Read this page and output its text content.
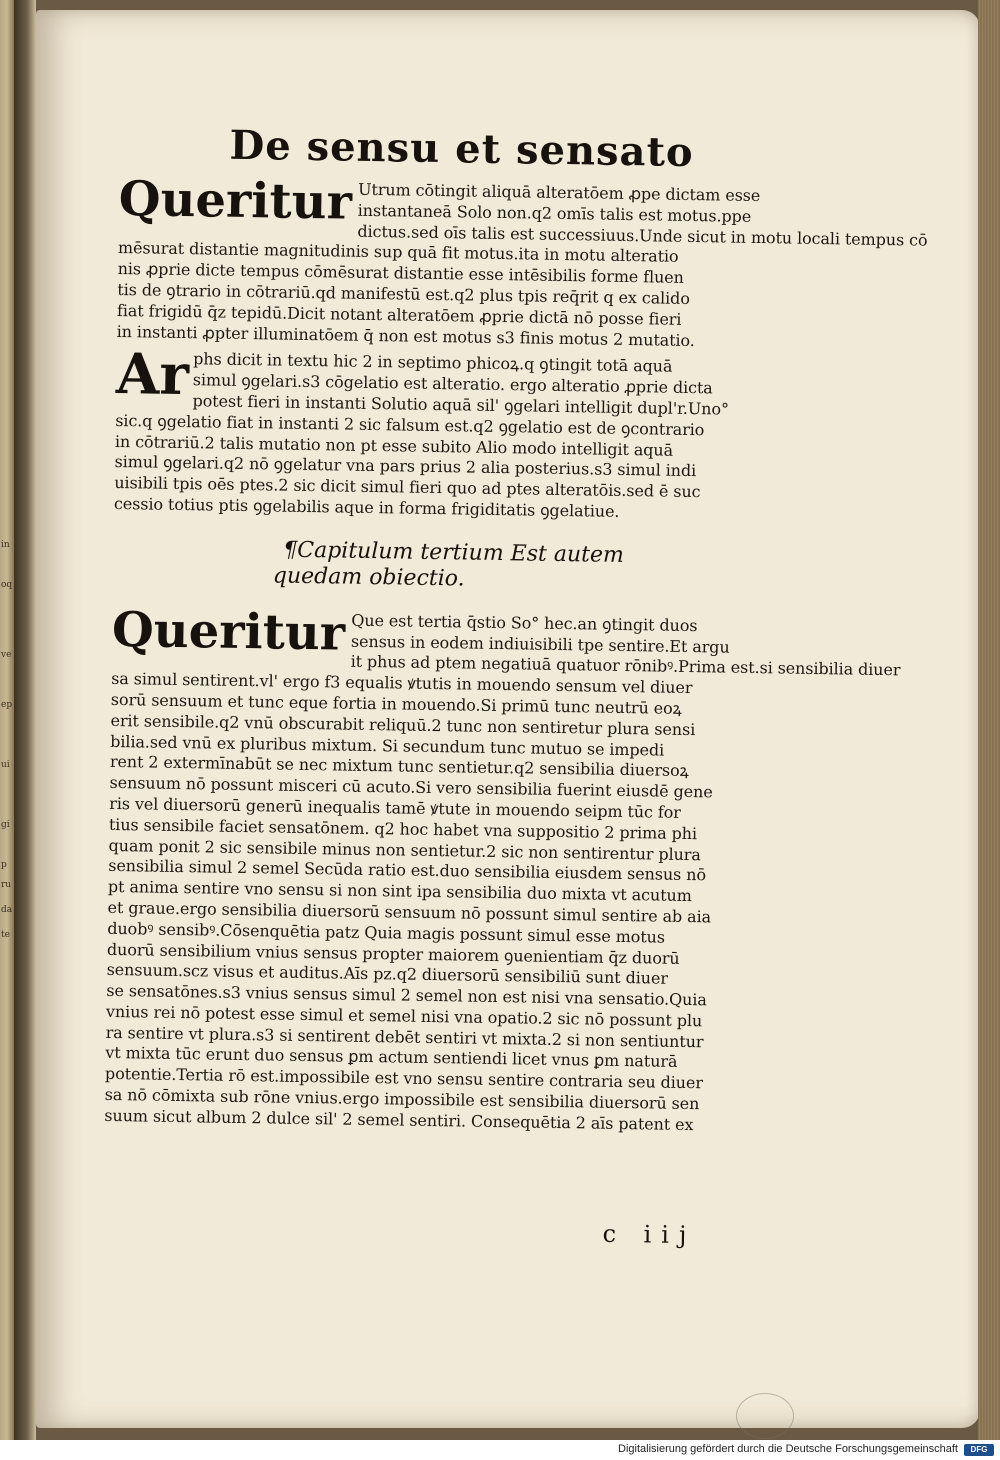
in
oq
ve
ep
ui
gi
p
ru
da
te
De sensu et sensato
Queritur Utrum cōtingit aliquā alteratōem ꝓpe dictam esse
instantaneā Solo non.q2 omīs talis est motus.ppe
dictus.sed oīs talis est successiuus.Unde sicut in motu locali tempus cō
mēsurat distantie magnitudinis sup quā fit motus.ita in motu alteratio
nis ꝓprie dicte tempus cōmēsurat distantie esse intēsibilis forme fluen
tis de ꝯtrario in cōtrariū.qd manifestū est.q2 plus tpis req̄rit q ex calido
fiat frigidū q̄z tepidū.Dicit notant alteratōem ꝓprie dictā nō posse fieri
in instanti ꝓpter illuminatōem q̄ non est motus s3 finis motus 2 mutatio.
Ar phs dicit in textu hic 2 in septimo phicoꝝ.q ꝯtingit totā aquā
simul ꝯgelari.s3 cōgelatio est alteratio. ergo alteratio ꝓprie dicta
potest fieri in instanti Solutio aquā sil' ꝯgelari intelligit dupl'r.Uno°
sic.q ꝯgelatio fiat in instanti 2 sic falsum est.q2 ꝯgelatio est de ꝯcontrario
in cōtrariū.2 talis mutatio non pt esse subito Alio modo intelligit aquā
simul ꝯgelari.q2 nō ꝯgelatur vna pars prius 2 alia posterius.s3 simul indi
uisibili tpis oēs ptes.2 sic dicit simul fieri quo ad ptes alteratōis.sed ē suc
cessio totius ptis ꝯgelabilis aque in forma frigiditatis ꝯgelatiue.
¶Capitulum tertium Est autem
quedam obiectio.
Queritur Que est tertia q̄stio So° hec.an ꝯtingit duos
sensus in eodem indiuisibili tpe sentire.Et argu
it phus ad ptem negatiuā quatuor rōnibꝰ.Prima est.si sensibilia diuer
sa simul sentirent.vl' ergo f3 equalis ꝟtutis in mouendo sensum vel diuer
sorū sensuum et tunc eque fortia in mouendo.Si primū tunc neutrū eoꝝ
erit sensibile.q2 vnū obscurabit reliquū.2 tunc non sentiretur plura sensi
bilia.sed vnū ex pluribus mixtum. Si secundum tunc mutuo se impedi
rent 2 extermīnabūt se nec mixtum tunc sentietur.q2 sensibilia diuersoꝝ
sensuum nō possunt misceri cū acuto.Si vero sensibilia fuerint eiusdē gene
ris vel diuersorū generū inequalis tamē ꝟtute in mouendo seipm tūc for
tius sensibile faciet sensatōnem. q2 hoc habet vna suppositio 2 prima phi
quam ponit 2 sic sensibile minus non sentietur.2 sic non sentirentur plura
sensibilia simul 2 semel Secūda ratio est.duo sensibilia eiusdem sensus nō
pt anima sentire vno sensu si non sint ipa sensibilia duo mixta vt acutum
et graue.ergo sensibilia diuersorū sensuum nō possunt simul sentire ab aia
duobꝰ sensibꝰ.Cōsenquētia patz Quia magis possunt simul esse motus
duorū sensibilium vnius sensus propter maiorem ꝯuenientiam q̄z duorū
sensuum.scz visus et auditus.Aīs pz.q2 diuersorū sensibiliū sunt diuer
se sensatōnes.s3 vnius sensus simul 2 semel non est nisi vna sensatio.Quia
vnius rei nō potest esse simul et semel nisi vna opatio.2 sic nō possunt plu
ra sentire vt plura.s3 si sentirent debēt sentiri vt mixta.2 si non sentiuntur
vt mixta tūc erunt duo sensus ꝑm actum sentiendi licet vnus ꝑm naturā
potentie.Tertia rō est.impossibile est vno sensu sentire contraria seu diuer
sa nō cōmixta sub rōne vnius.ergo impossibile est sensibilia diuersorū sen
suum sicut album 2 dulce sil' 2 semel sentiri. Consequētia 2 aīs patent ex
c iij
Digitalisierung gefördert durch die Deutsche Forschungsgemeinschaft	DFG
